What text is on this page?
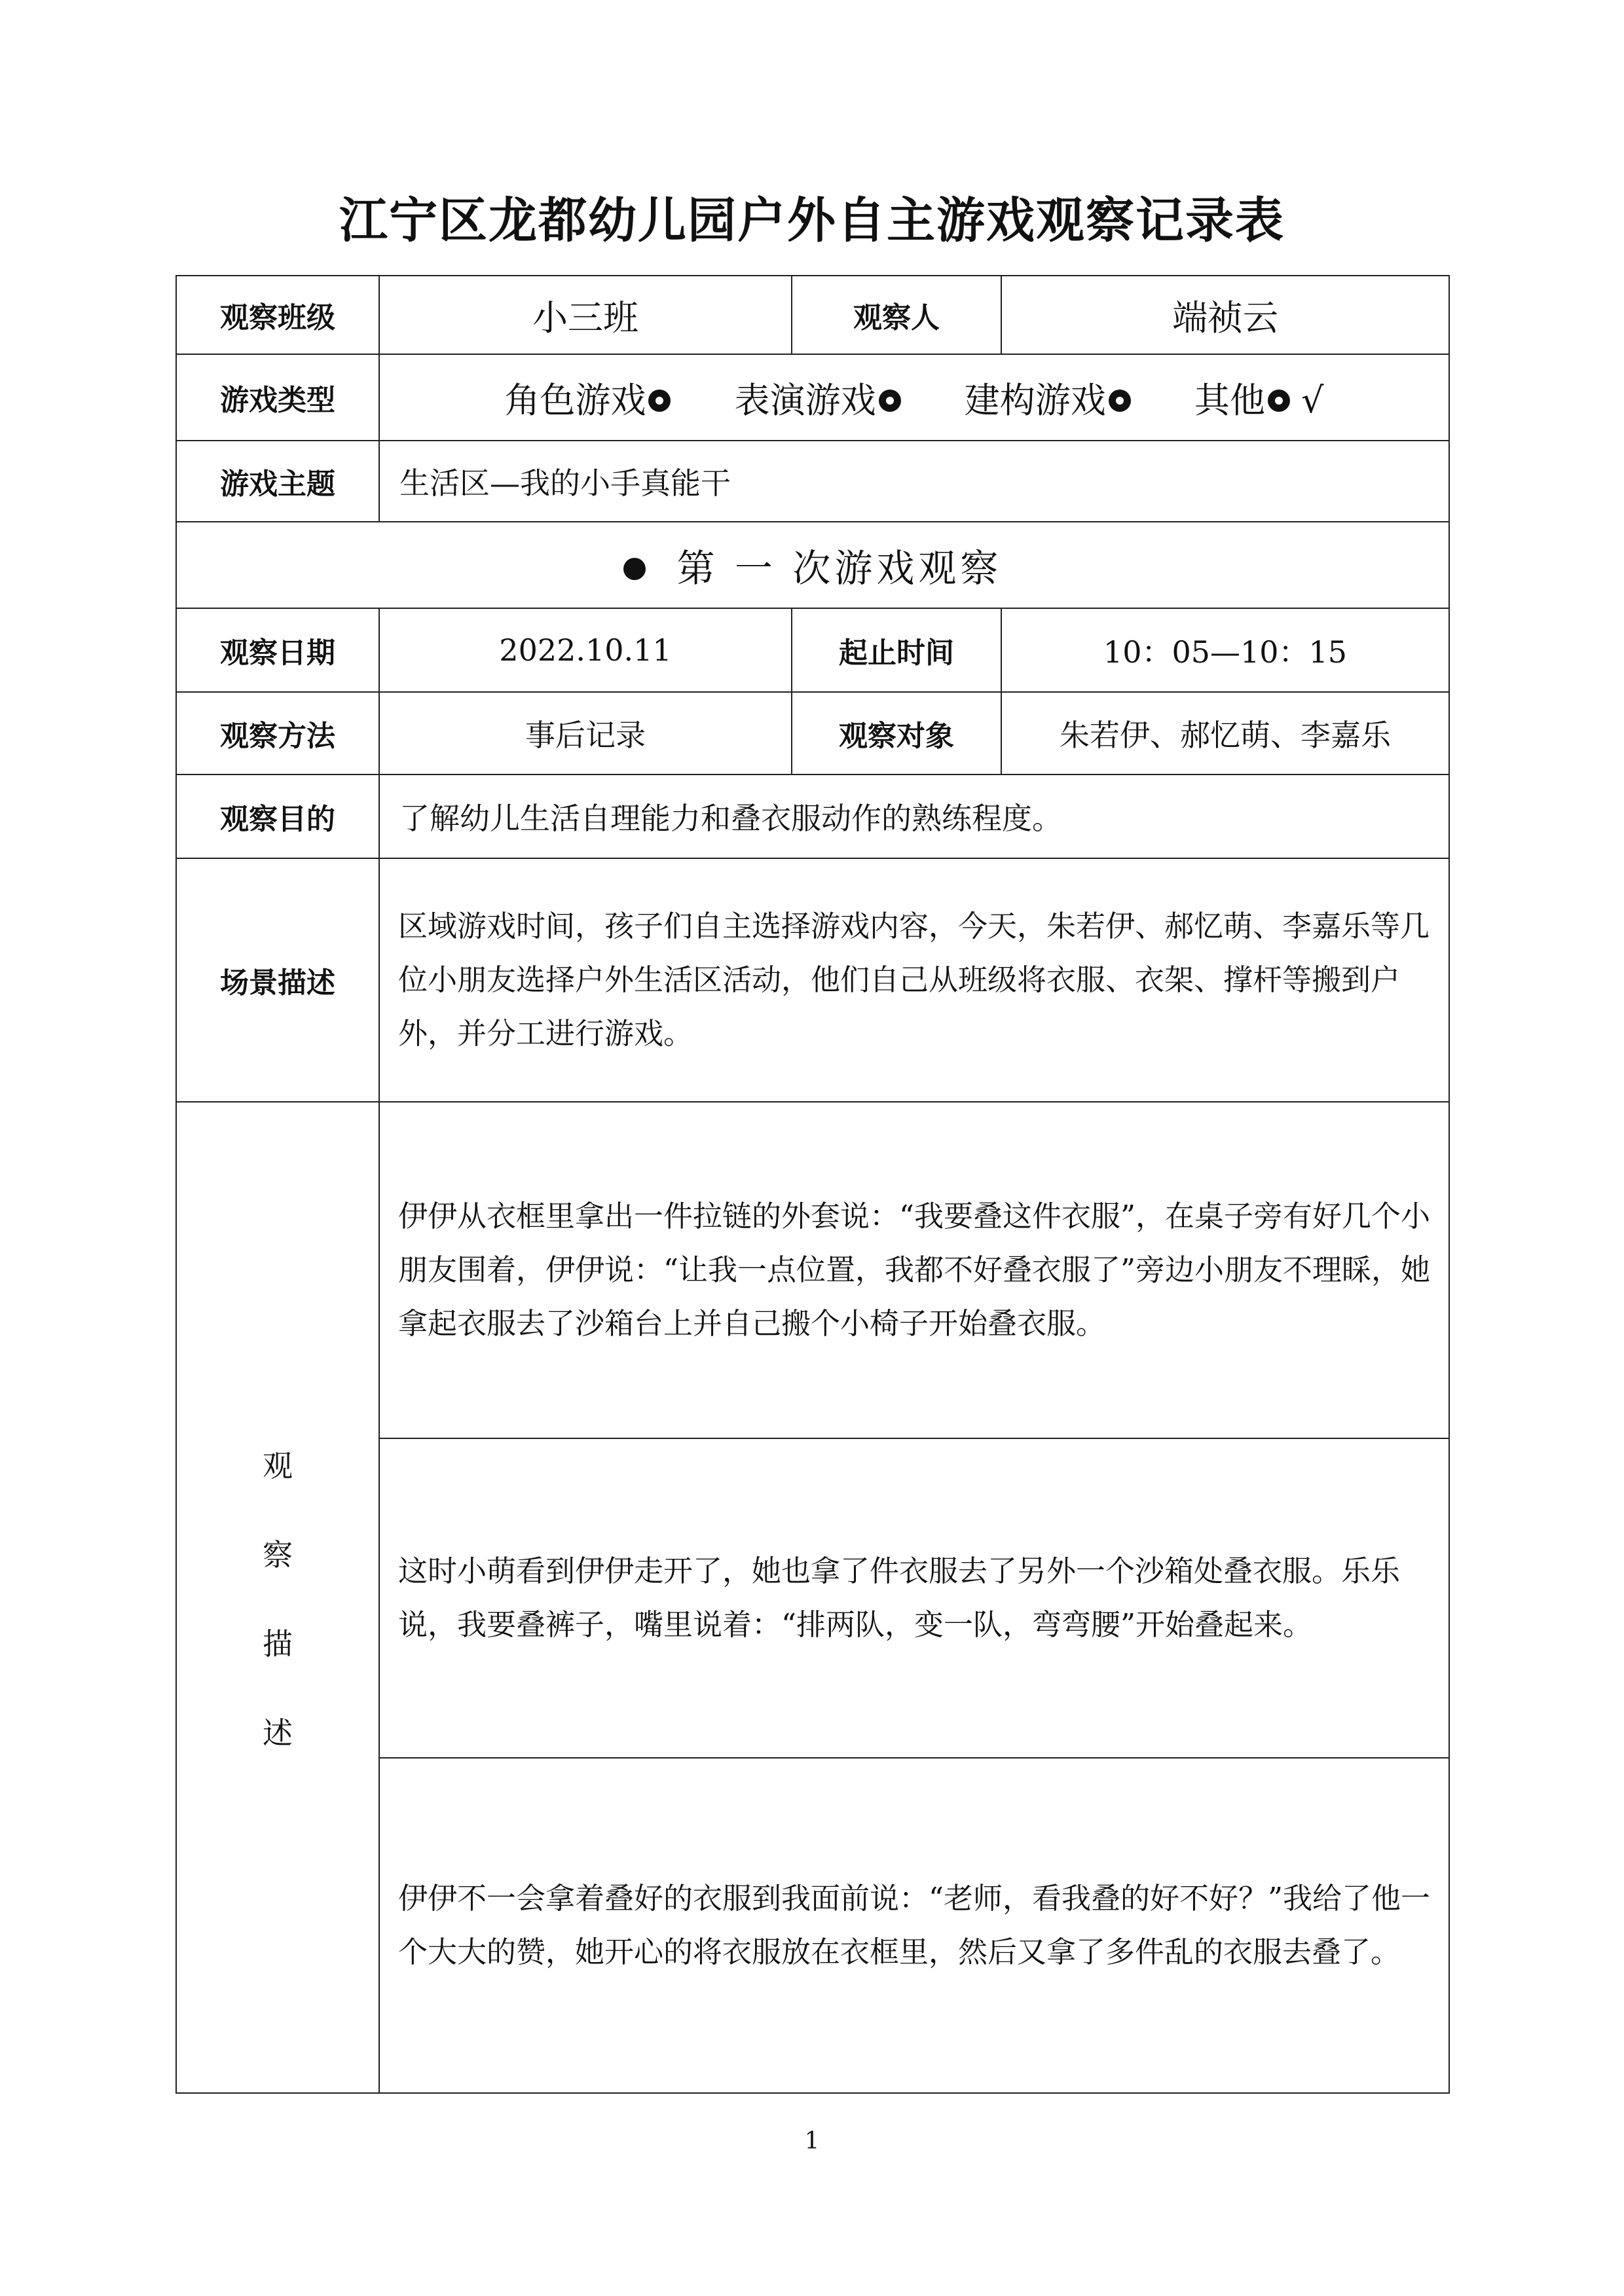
江宁区龙都幼儿园户外自主游戏观察记录表
观察班级	小三班	观察人	端祯云
游戏类型	角色游戏 表演游戏 建构游戏 其他 √		
游戏主题	生活区—我的小手真能干		
第 一 次游戏观察			
观察日期	2022.10.11	起止时间	10：05—10：15
观察方法	事后记录	观察对象	朱若伊、郝忆萌、李嘉乐
观察目的	了解幼儿生活自理能力和叠衣服动作的熟练程度。		
场景描述	区域游戏时间，孩子们自主选择游戏内容，今天，朱若伊、郝忆萌、李嘉乐等几位小朋友选择户外生活区活动，他们自己从班级将衣服、衣架、撑杆等搬到户外，并分工进行游戏。		

观
察
描
述	伊伊从衣框里拿出一件拉链的外套说：“我要叠这件衣服”，在桌子旁有好几个小朋友围着，伊伊说：“让我一点位置，我都不好叠衣服了”旁边小朋友不理睬，她拿起衣服去了沙箱台上并自己搬个小椅子开始叠衣服。		
	这时小萌看到伊伊走开了，她也拿了件衣服去了另外一个沙箱处叠衣服。乐乐说，我要叠裤子，嘴里说着：“排两队，变一队，弯弯腰”开始叠起来。		
	伊伊不一会拿着叠好的衣服到我面前说：“老师，看我叠的好不好？”我给了他一个大大的赞，她开心的将衣服放在衣框里，然后又拿了多件乱的衣服去叠了。		
1
